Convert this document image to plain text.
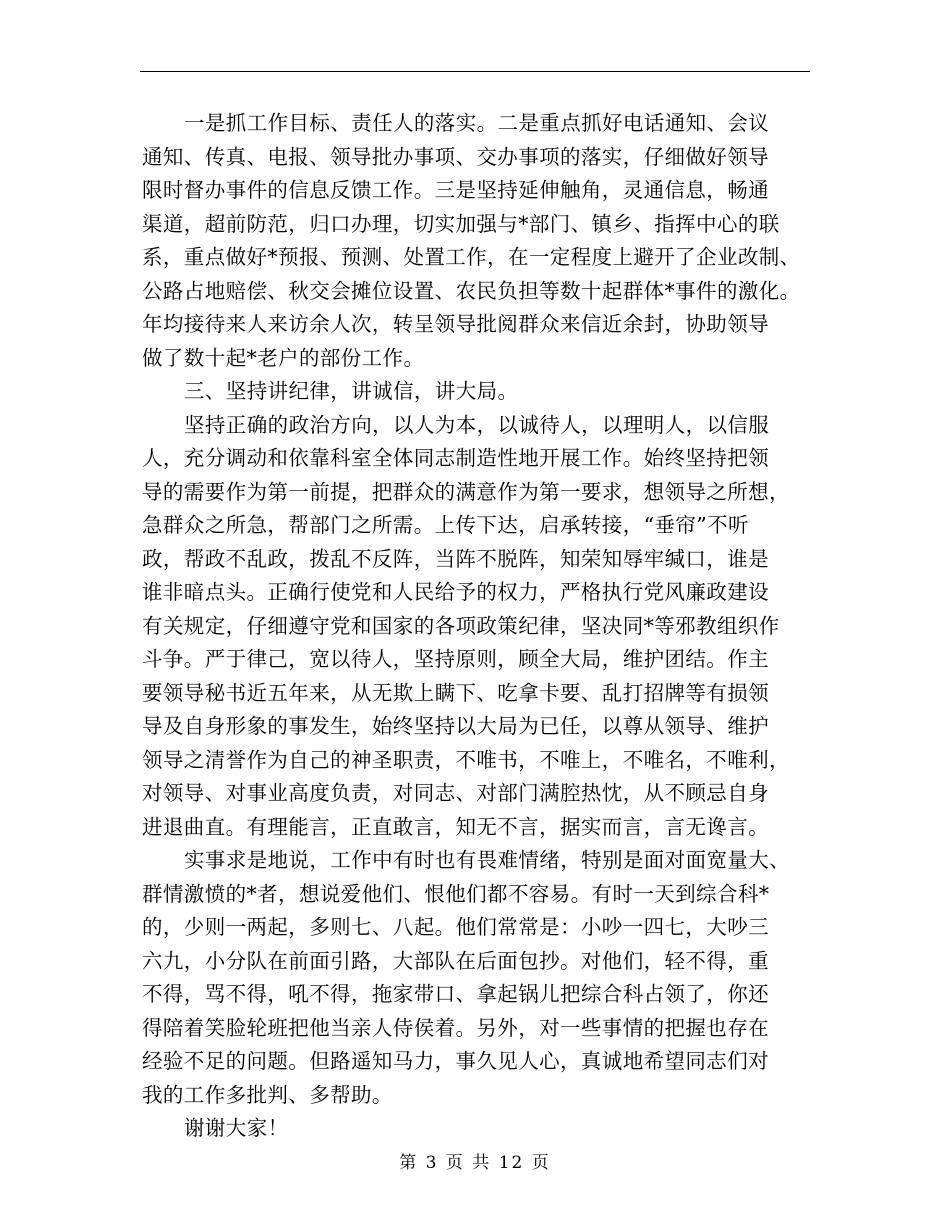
一是抓工作目标、责任人的落实。二是重点抓好电话通知、会议
通知、传真、电报、领导批办事项、交办事项的落实，仔细做好领导
限时督办事件的信息反馈工作。三是坚持延伸触角，灵通信息，畅通
渠道，超前防范，归口办理，切实加强与*部门、镇乡、指挥中心的联
系，重点做好*预报、预测、处置工作，在一定程度上避开了企业改制、
公路占地赔偿、秋交会摊位设置、农民负担等数十起群体*事件的激化。
年均接待来人来访余人次，转呈领导批阅群众来信近余封，协助领导
做了数十起*老户的部份工作。
三、坚持讲纪律，讲诚信，讲大局。
坚持正确的政治方向，以人为本，以诚待人，以理明人，以信服
人，充分调动和依靠科室全体同志制造性地开展工作。始终坚持把领
导的需要作为第一前提，把群众的满意作为第一要求，想领导之所想，
急群众之所急，帮部门之所需。上传下达，启承转接，“垂帘”不听
政，帮政不乱政，拨乱不反阵，当阵不脱阵，知荣知辱牢缄口，谁是
谁非暗点头。正确行使党和人民给予的权力，严格执行党风廉政建设
有关规定，仔细遵守党和国家的各项政策纪律，坚决同*等邪教组织作
斗争。严于律己，宽以待人，坚持原则，顾全大局，维护团结。作主
要领导秘书近五年来，从无欺上瞒下、吃拿卡要、乱打招牌等有损领
导及自身形象的事发生，始终坚持以大局为已任，以尊从领导、维护
领导之清誉作为自己的神圣职责，不唯书，不唯上，不唯名，不唯利，
对领导、对事业高度负责，对同志、对部门满腔热忱，从不顾忌自身
进退曲直。有理能言，正直敢言，知无不言，据实而言，言无谗言。
实事求是地说，工作中有时也有畏难情绪，特别是面对面宽量大、
群情激愤的*者，想说爱他们、恨他们都不容易。有时一天到综合科*
的，少则一两起，多则七、八起。他们常常是：小吵一四七，大吵三
六九，小分队在前面引路，大部队在后面包抄。对他们，轻不得，重
不得，骂不得，吼不得，拖家带口、拿起锅儿把综合科占领了，你还
得陪着笑脸轮班把他当亲人侍侯着。另外，对一些事情的把握也存在
经验不足的问题。但路遥知马力，事久见人心，真诚地希望同志们对
我的工作多批判、多帮助。
谢谢大家！
第 3 页 共 12 页
